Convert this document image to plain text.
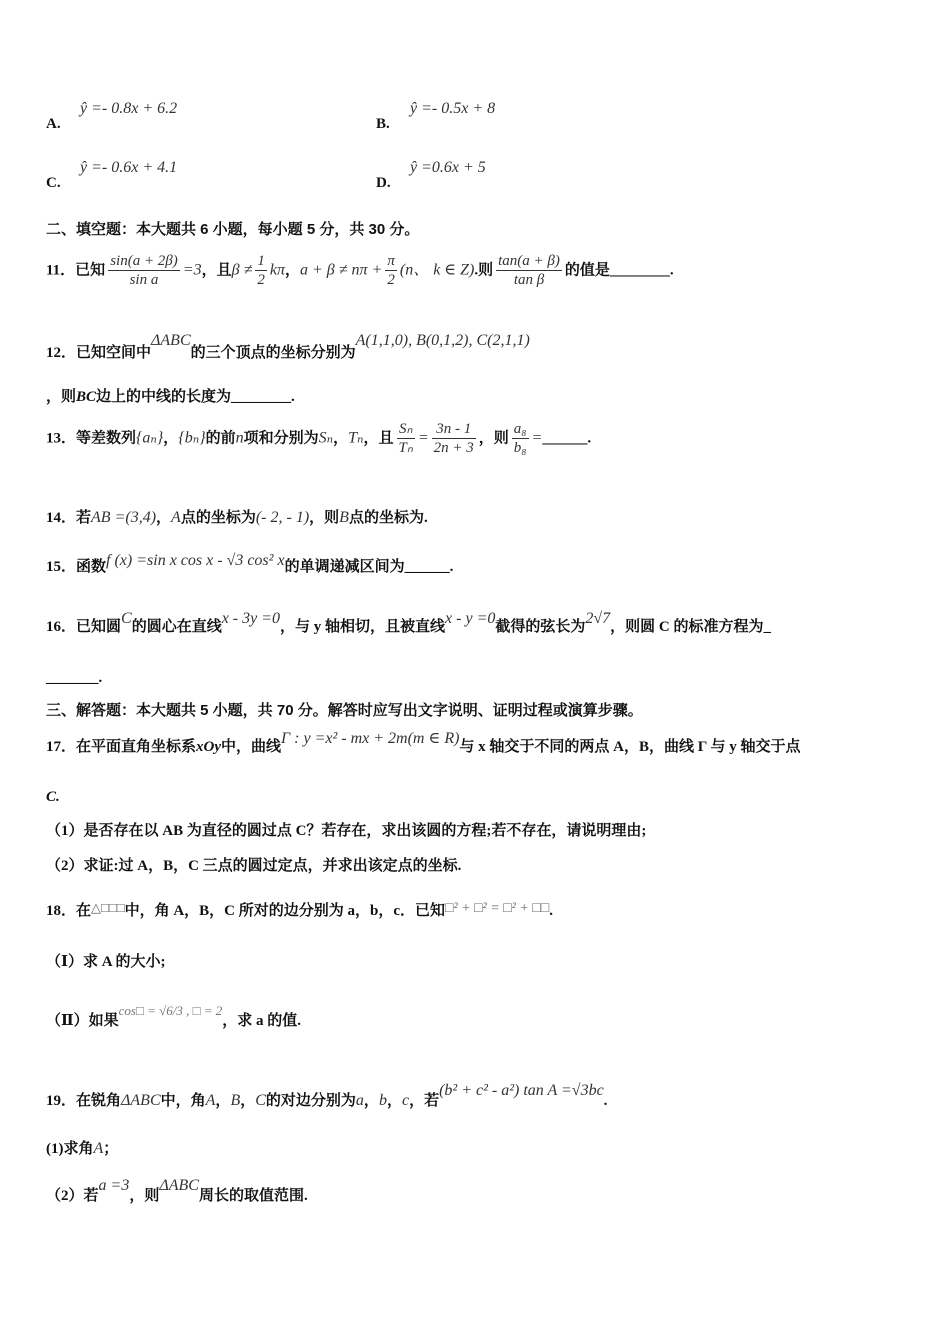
A.
ŷ =- 0.8x + 6.2
B.
ŷ =- 0.5x + 8
C.
ŷ =- 0.6x + 4.1
D.
ŷ =0.6x + 5
二、填空题：本大题共 6 小题，每小题 5 分，共 30 分。
11．已知 $\frac{\sin(a + 2\beta)}{\text{sin a}} =3$，且$\beta \ne \frac{1}{2}$ kπ，$a + \beta \ne n\pi + \frac{\pi}{2} (n$、 k ∈ Z).则 $\frac{\tan(a + \beta)}{\text{tan β}}$ 的值是________.
12．已知空间中ΔABC的三个顶点的坐标分别为A(1,1,0), B(0,1,2), C(2,1,1)
，则BC边上的中线的长度为________.
13．等差数列{aₙ}，{bₙ}的前n项和分别为Sₙ，Tₙ，且 $\frac{\text{Sₙ}}{\text{Tₙ}} = \frac{3n - 1}{2n + 3}$ ，则 $\frac{\text{a₈}}{\text{b₈}}$ =______.
14．若AB =(3,4)，A点的坐标为(- 2, - 1)，则B点的坐标为.
15．函数f (x) =sin x cos x - √3 cos² x的单调递减区间为______.
16．已知圆C的圆心在直线x - 3y =0，与 y 轴相切，且被直线x - y =0截得的弦长为2√7，则圆 C 的标准方程为_
_______.
三、解答题：本大题共 5 小题，共 70 分。解答时应写出文字说明、证明过程或演算步骤。
17．在平面直角坐标系xOy中，曲线Γ : y =x² - mx + 2m(m ∈ R)与 x 轴交于不同的两点 A，B，曲线 Γ 与 y 轴交于点
C.
（1）是否存在以 AB 为直径的圆过点 C？若存在，求出该圆的方程;若不存在，请说明理由;
（2）求证:过 A，B，C 三点的圆过定点，并求出该定点的坐标.
18．在△□□□中，角 A，B，C 所对的边分别为 a，b，c．已知□² + □² = □² + □□.
（Ⅰ）求 A 的大小;
（Ⅱ）如果cos□ = √6/3 , □ = 2，求 a 的值.
19．在锐角ΔABC中，角A，B，C的对边分别为a，b，c，若(b² + c² - a²) tan A =√3bc.
(1)求角A；
（2）若a =3，则ΔABC周长的取值范围.
